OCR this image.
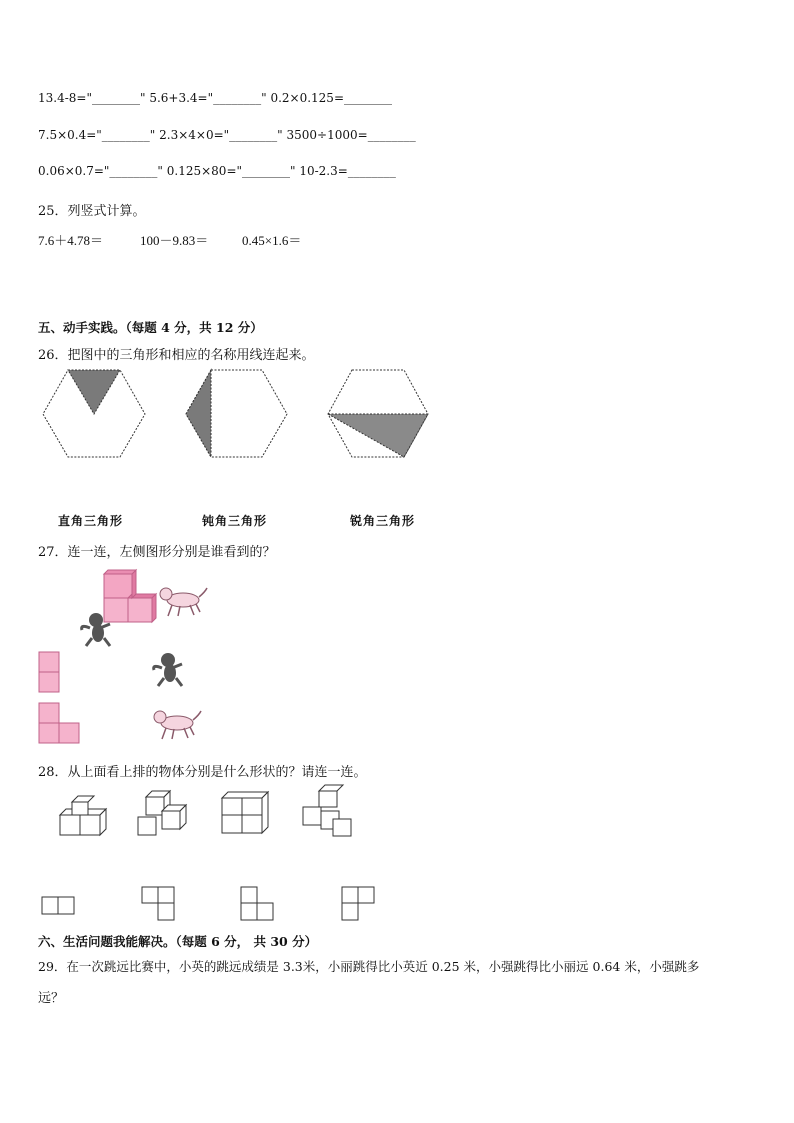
13.4-8="________" 5.6+3.4="________" 0.2×0.125=________
7.5×0.4="________" 2.3×4×0="________" 3500÷1000=________
0.06×0.7="________" 0.125×80="________" 10-2.3=________
25．列竖式计算。
7.6＋4.78＝	100－9.83＝	0.45×1.6＝
五、动手实践。（每题 4 分，共 12 分）
26．把图中的三角形和相应的名称用线连起来。
直角三角形	钝角三角形	锐角三角形
27．连一连，左侧图形分别是谁看到的？
28．从上面看上排的物体分别是什么形状的？请连一连。
六、生活问题我能解决。（每题 6 分， 共 30 分）
29．在一次跳远比赛中，小英的跳远成绩是 3.3米，小丽跳得比小英近 0.25 米，小强跳得比小丽远 0.64 米，小强跳多
远？
